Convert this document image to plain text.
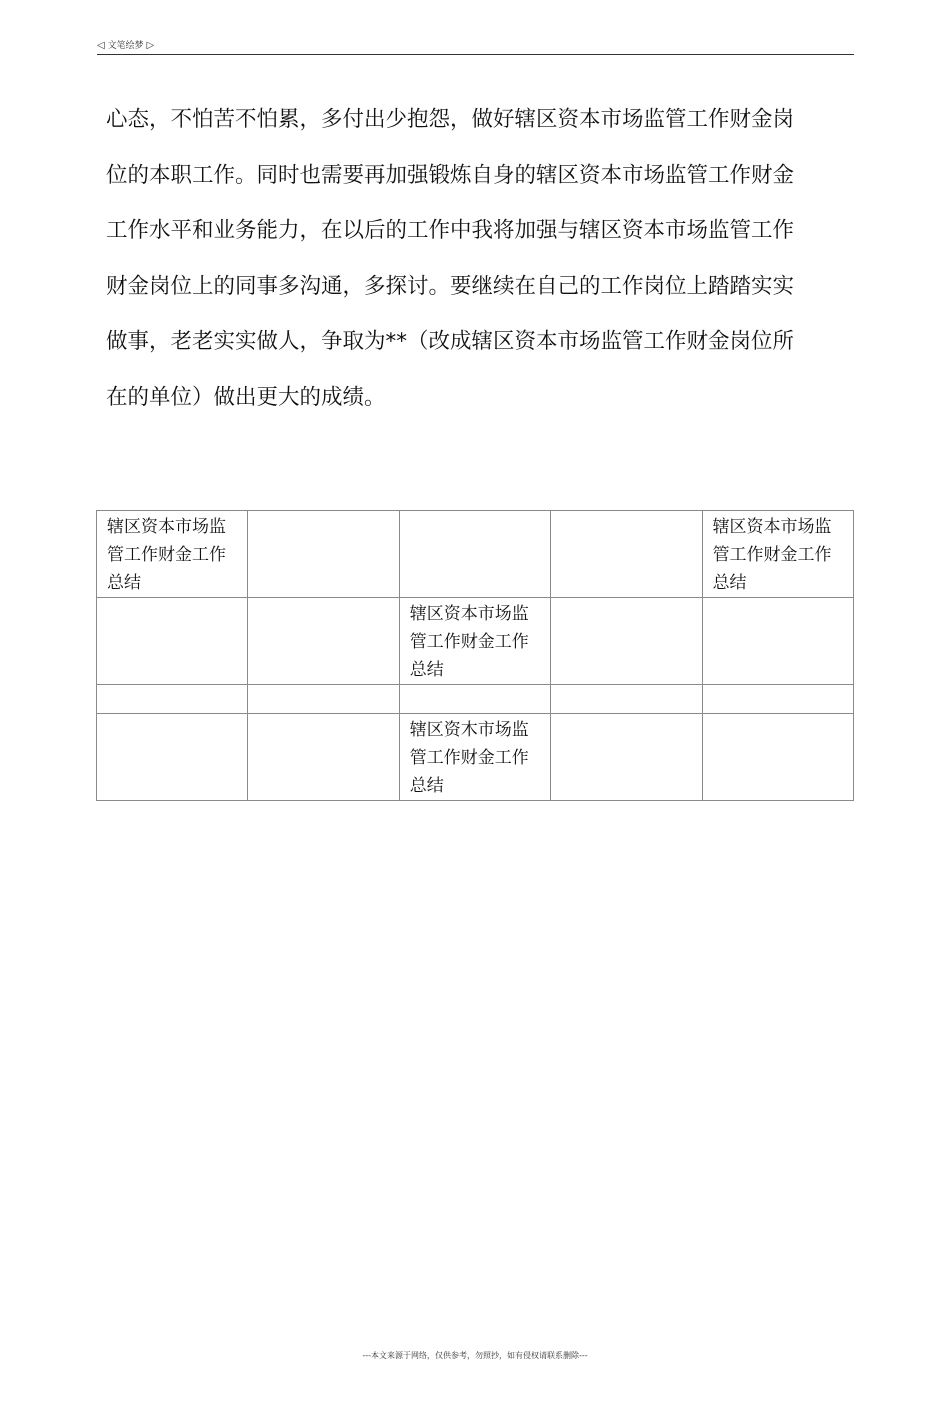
◁ 文笔绘梦 ▷
心态，不怕苦不怕累，多付出少抱怨，做好辖区资本市场监管工作财金岗
位的本职工作。同时也需要再加强锻炼自身的辖区资本市场监管工作财金
工作水平和业务能力，在以后的工作中我将加强与辖区资本市场监管工作
财金岗位上的同事多沟通，多探讨。要继续在自己的工作岗位上踏踏实实
做事，老老实实做人，争取为**（改成辖区资本市场监管工作财金岗位所
在的单位）做出更大的成绩。
辖区资本市场监管工作财金工作总结				辖区资本市场监管工作财金工作总结
		辖区资本市场监管工作财金工作总结		

		辖区资木市场监管工作财金工作总结		
---本文来源于网络，仅供参考，勿照抄，如有侵权请联系删除---
